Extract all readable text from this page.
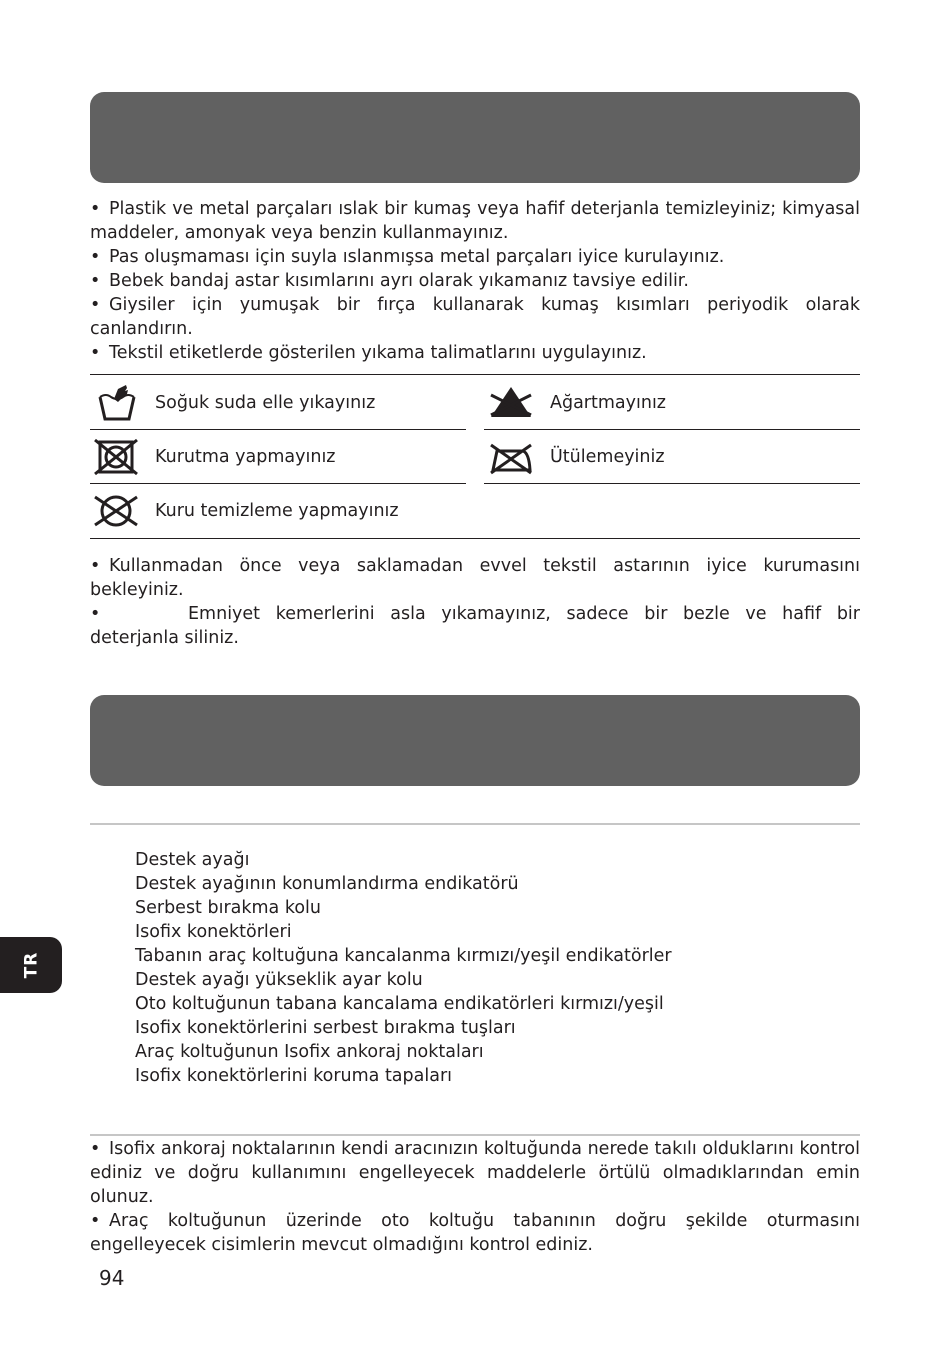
• Plastik ve metal parçaları ıslak bir kumaş veya hafif deterjanla temizleyiniz; kimyasal maddeler, amonyak veya benzin kullanmayınız.

• Pas oluşmaması için suyla ıslanmışsa metal parçaları iyice kurulayınız.

• Bebek bandaj astar kısımlarını ayrı olarak yıkamanız tavsiye edilir.

• Giysiler için yumuşak bir fırça kullanarak kumaş kısımları periyodik olarak canlandırın.

• Tekstil etiketlerde gösterilen yıkama talimatlarını uygulayınız.

Soğuk suda elle yıkayınız	Ağartmayınız
Kurutma yapmayınız	Ütülemeyiniz
Kuru temizleme yapmayınız

• Kullanmadan önce veya saklamadan evvel tekstil astarının iyice kurumasını bekleyiniz.

•	Emniyet kemerlerini asla yıkamayınız, sadece bir bezle ve hafif bir deterjanla siliniz.

Destek ayağı
Destek ayağının konumlandırma endikatörü
Serbest bırakma kolu
Isofix konektörleri
Tabanın araç koltuğuna kancalanma kırmızı/yeşil endikatörler
Destek ayağı yükseklik ayar kolu
Oto koltuğunun tabana kancalama endikatörleri kırmızı/yeşil
Isofix konektörlerini serbest bırakma tuşları
Araç koltuğunun Isofix ankoraj noktaları
Isofix konektörlerini koruma tapaları

• Isofix ankoraj noktalarının kendi aracınızın koltuğunda nerede takılı olduklarını kontrol ediniz ve doğru kullanımını engelleyecek maddelerle örtülü olmadıklarından emin olunuz.

• Araç koltuğunun üzerinde oto koltuğu tabanının doğru şekilde oturmasını engelleyecek cisimlerin mevcut olmadığını kontrol ediniz.

94
TR
